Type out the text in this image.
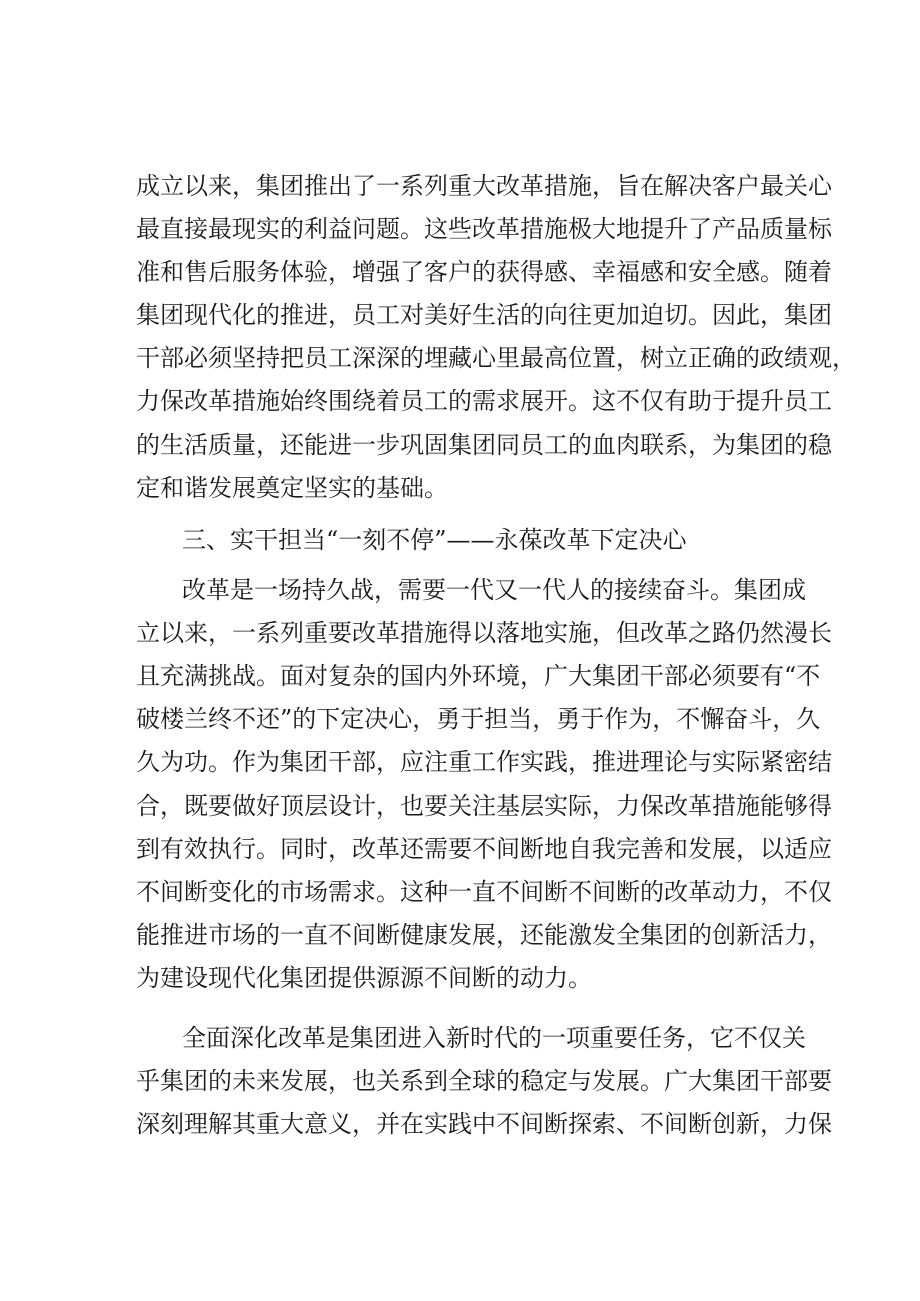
成立以来，集团推出了一系列重大改革措施，旨在解决客户最关心
最直接最现实的利益问题。这些改革措施极大地提升了产品质量标
准和售后服务体验，增强了客户的获得感、幸福感和安全感。随着
集团现代化的推进，员工对美好生活的向往更加迫切。因此，集团
干部必须坚持把员工深深的埋藏心里最高位置，树立正确的政绩观，
力保改革措施始终围绕着员工的需求展开。这不仅有助于提升员工
的生活质量，还能进一步巩固集团同员工的血肉联系，为集团的稳
定和谐发展奠定坚实的基础。
三、实干担当“一刻不停”——永葆改革下定决心
改革是一场持久战，需要一代又一代人的接续奋斗。集团成
立以来，一系列重要改革措施得以落地实施，但改革之路仍然漫长
且充满挑战。面对复杂的国内外环境，广大集团干部必须要有“不
破楼兰终不还”的下定决心，勇于担当，勇于作为，不懈奋斗，久
久为功。作为集团干部，应注重工作实践，推进理论与实际紧密结
合，既要做好顶层设计，也要关注基层实际，力保改革措施能够得
到有效执行。同时，改革还需要不间断地自我完善和发展，以适应
不间断变化的市场需求。这种一直不间断不间断的改革动力，不仅
能推进市场的一直不间断健康发展，还能激发全集团的创新活力，
为建设现代化集团提供源源不间断的动力。
全面深化改革是集团进入新时代的一项重要任务，它不仅关
乎集团的未来发展，也关系到全球的稳定与发展。广大集团干部要
深刻理解其重大意义，并在实践中不间断探索、不间断创新，力保
